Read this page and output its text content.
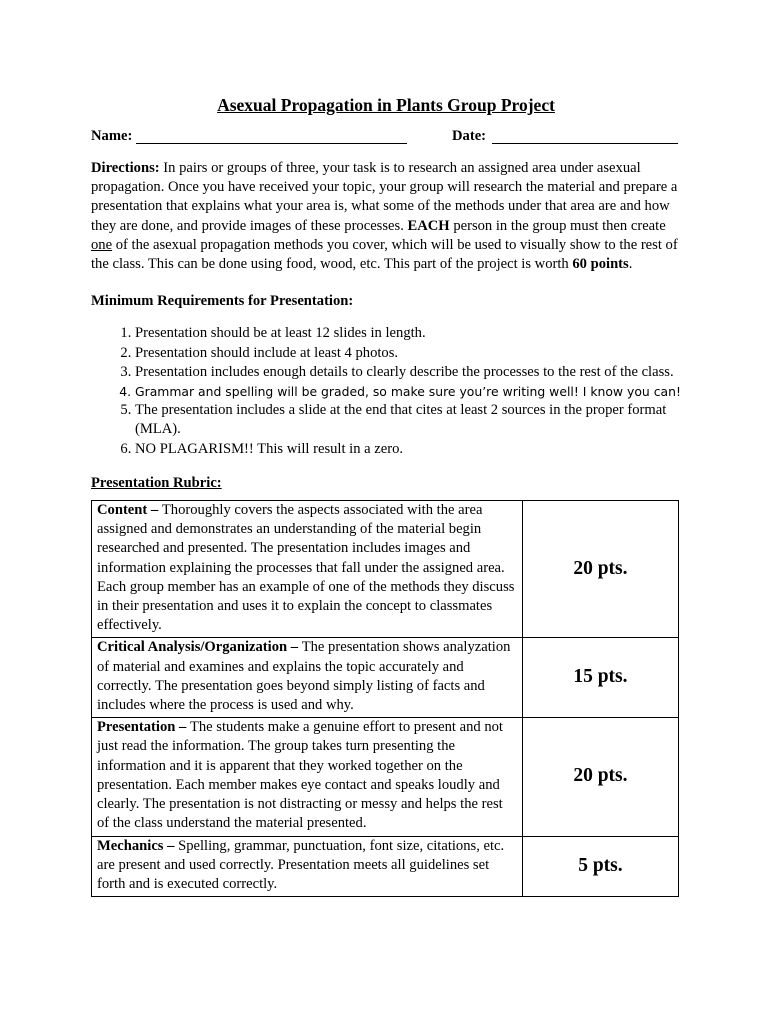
Asexual Propagation in Plants Group Project
Name:	Date:

Directions: In pairs or groups of three, your task is to research an assigned area under asexual propagation. Once you have received your topic, your group will research the material and prepare a presentation that explains what your area is, what some of the methods under that area are and how they are done, and provide images of these processes. EACH person in the group must then create one of the asexual propagation methods you cover, which will be used to visually show to the rest of the class. This can be done using food, wood, etc. This part of the project is worth 60 points.

Minimum Requirements for Presentation:

1. Presentation should be at least 12 slides in length.
2. Presentation should include at least 4 photos.
3. Presentation includes enough details to clearly describe the processes to the rest of the class.
4. Grammar and spelling will be graded, so make sure you’re writing well! I know you can!
5. The presentation includes a slide at the end that cites at least 2 sources in the proper format (MLA).
6. NO PLAGARISM!! This will result in a zero.

Presentation Rubric:

Content – Thoroughly covers the aspects associated with the area assigned and demonstrates an understanding of the material begin researched and presented. The presentation includes images and information explaining the processes that fall under the assigned area. Each group member has an example of one of the methods they discuss in their presentation and uses it to explain the concept to classmates effectively.	20 pts.
Critical Analysis/Organization – The presentation shows analyzation of material and examines and explains the topic accurately and correctly. The presentation goes beyond simply listing of facts and includes where the process is used and why.	15 pts.
Presentation – The students make a genuine effort to present and not just read the information. The group takes turn presenting the information and it is apparent that they worked together on the presentation. Each member makes eye contact and speaks loudly and clearly. The presentation is not distracting or messy and helps the rest of the class understand the material presented.	20 pts.
Mechanics – Spelling, grammar, punctuation, font size, citations, etc. are present and used correctly. Presentation meets all guidelines set forth and is executed correctly.	5 pts.
